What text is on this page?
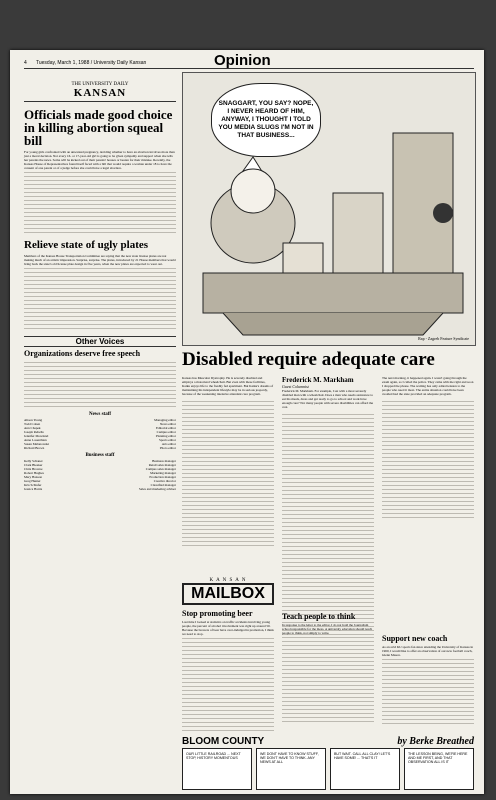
4 Tuesday, March 1, 1988 / University Daily Kansan	Opinion
THE UNIVERSITY DAILY
KANSAN
Officials made good choice in killing abortion squeal bill
For young girls confronted with an unwanted pregnancy, deciding whether to have an abortion involves more than just a moral decision. Not every 16- or 17-year-old girl is going to be given sympathy and support when she tells her parents the news. Some will be kicked out of their parents' houses or beaten for their mistake. Recently, the Kansas House of Representatives found itself faced with a bill that would require a woman under 18 to have the consent of one parent or of a judge before she could have a legal abortion.
Relieve state of ugly plates
Members of the Kansas House Transportation Committee are saying that the new state license plates are not making much of an artistic impression. Surprise, surprise. The plates, introduced by 21 House members that would bring back the state's old license plate design in five years, when the new plates are expected to wear out.
Other Voices
Organizations deserve free speech
News staff
Alison Young	Managing editor
Todd Cohen	News editor
Ann Chapek	Editorial editor
Joseph Rebello	Campus editor
Jennifer Moreland	Planning editor
Anne Losenthian	Sports editor
Susan Malanowski	Arts editor
Richard Brown	Photo editor
Business staff
Kelly Schaner	Business manager
Clark Bleeker	Retail sales manager
Chris Browne	Campus sales manager
Robert Hughes	Marketing manager
Mary Hanson	Production manager
Greg Hunter	Creative director
Kris Schlafer	Classified manager
Jessica Harris	Sales and marketing adviser
SNAGGART, YOU SAY? NOPE, I NEVER HEARD OF HIM, ANYWAY, I THOUGHT I TOLD YOU MEDIA SLUGS I'M NOT IN THAT BUSINESS...
Rap - Zagreb Feature Syndicate
Disabled require adequate care

Kansas has Muscular Dystrophy. He is severely disabled and employs a motorized wheelchair. But even with these facilities, Kaiku enjoys life to the freshly fed apartment. But Kaiku's dreams of maintaining his independent lifestyle may be in serious jeopardy, because of the weakening intensive attendant care program.

Frederick M. Markham
Guest Columnist

Frederick M. Markham. For example, I sat with a most severely disabled man with a wheelchair. Does a man who needs assistance to eat his meals, dress and get ready to go to school and work have enough care? Not many people with severe disabilities can afford the cost.

The next morning, it happened again. I wasn't going through the exam again, so I called the police. They came with me right and soon I dropped the phone. The waiting has only added tension to the people who need it most. The entire situation could have been avoided had the state provided an adequate program.

K A N S A N
MAILBOX
Stop promoting beer

Last time I looked at statistics on traffic accidents involving young people, the percent of alcohol involvement was right up around 50. Because the brewers of beer have over-indulged in promotion, I think we need to stop.

Teach people to think

In response to the letter to the editor, I do not hold the Journalism school responsible for the mess. A university education should teach people to think, not simply to write.

Support new coach

As an avid KU sports fan since attending the University of Kansas in 1960, I would like to offer an observation of our new football coach, Glenn Mason.

BLOOM COUNTY	by Berke Breathed
OUR LITTLE RAILROAD ... NEXT STOP, HISTORY MOMENTOUS
WE DONT HAVE TO KNOW STUFF, WE DON'T HAVE TO THINK. ANY NEWS AT ALL
BUT WAIT. CALL ALL CLAY! LET'S HAVE SOME! ... THAT'S IT
THE LESSON BEING, WE'RE HERE AND ME FIRST, AND THAT OBSERVATION ALL IS IT
